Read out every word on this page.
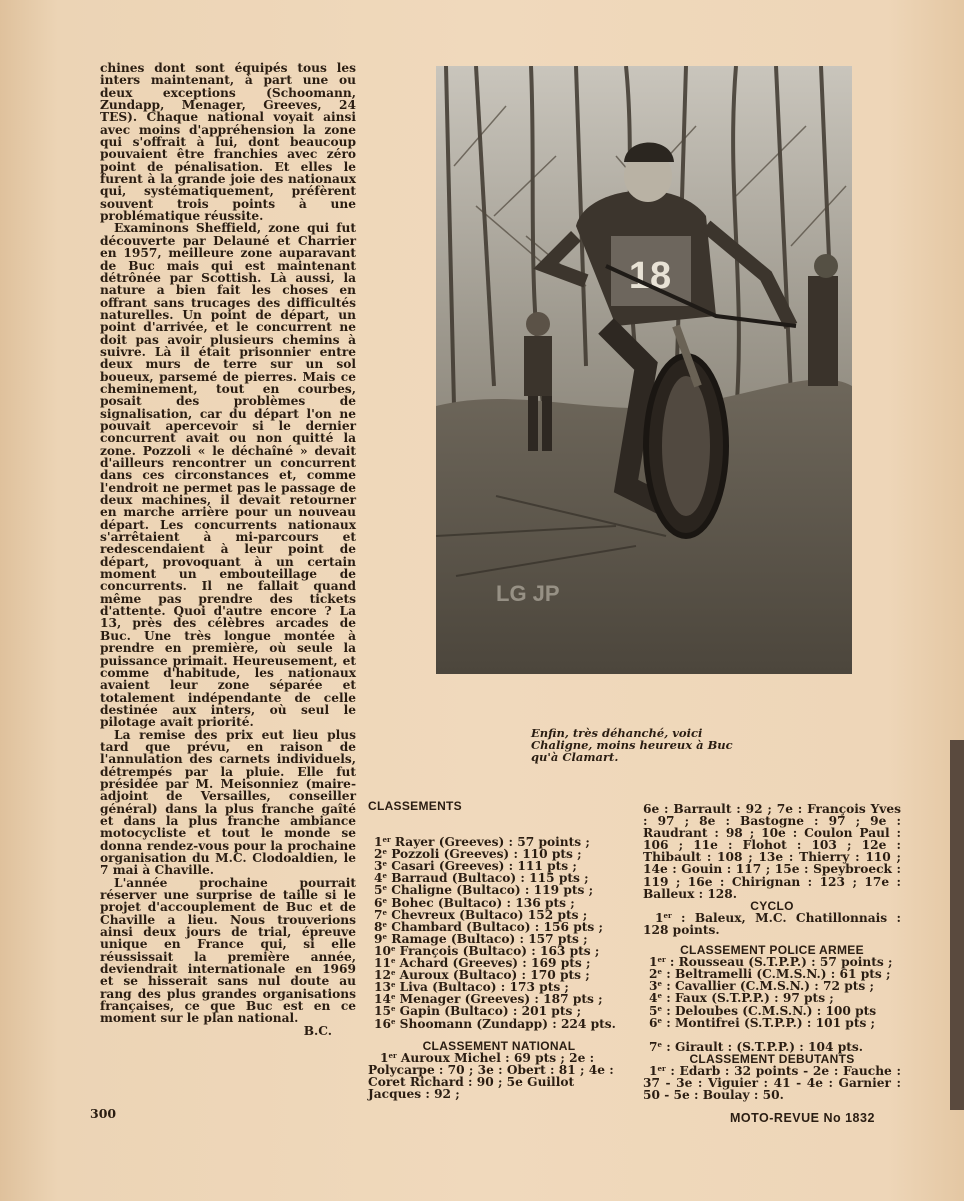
chines dont sont équipés tous les inters maintenant, à part une ou deux exceptions (Schoomann, Zundapp, Menager, Greeves, 24 TES). Chaque national voyait ainsi avec moins d'appréhension la zone qui s'offrait à lui, dont beaucoup pouvaient être franchies avec zéro point de pénalisation. Et elles le furent à la grande joie des nationaux qui, systématiquement, préfèrent souvent trois points à une problématique réussite.

Examinons Sheffield, zone qui fut découverte par Delauné et Charrier en 1957, meilleure zone auparavant de Buc mais qui est maintenant détrônée par Scottish. Là aussi, la nature a bien fait les choses en offrant sans trucages des difficultés naturelles. Un point de départ, un point d'arrivée, et le concurrent ne doit pas avoir plusieurs chemins à suivre. Là il était prisonnier entre deux murs de terre sur un sol boueux, parsemé de pierres. Mais ce cheminement, tout en courbes, posait des problèmes de signalisation, car du départ l'on ne pouvait apercevoir si le dernier concurrent avait ou non quitté la zone. Pozzoli « le déchaîné » devait d'ailleurs rencontrer un concurrent dans ces circonstances et, comme l'endroit ne permet pas le passage de deux machines, il devait retourner en marche arrière pour un nouveau départ. Les concurrents nationaux s'arrêtaient à mi-parcours et redescendaient à leur point de départ, provoquant à un certain moment un embouteillage de concurrents. Il ne fallait quand même pas prendre des tickets d'attente. Quoi d'autre encore ? La 13, près des célèbres arcades de Buc. Une très longue montée à prendre en première, où seule la puissance primait. Heureusement, et comme d'habitude, les nationaux avaient leur zone séparée et totalement indépendante de celle destinée aux inters, où seul le pilotage avait priorité.

La remise des prix eut lieu plus tard que prévu, en raison de l'annulation des carnets individuels, détrempés par la pluie. Elle fut présidée par M. Meisonniez (maire-adjoint de Versailles, conseiller général) dans la plus franche gaîté et dans la plus franche ambiance motocycliste et tout le monde se donna rendez-vous pour la prochaine organisation du M.C. Clodoaldien, le 7 mai à Chaville.

L'année prochaine pourrait réserver une surprise de taille si le projet d'accouplement de Buc et de Chaville a lieu. Nous trouverions ainsi deux jours de trial, épreuve unique en France qui, si elle réussissait la première année, deviendrait internationale en 1969 et se hisserait sans nul doute au rang des plus grandes organisations françaises, ce que Buc est en ce moment sur le plan national.

B.C.

18
LG JP
Enfin, très déhanché, voici Chaligne, moins heureux à Buc qu'à Clamart.
CLASSEMENTS
1er Rayer (Greeves) : 57 points ;
2e Pozzoli (Greeves) : 110 pts ;
3e Casari (Greeves) : 111 pts ;
4e Barraud (Bultaco) : 115 pts ;
5e Chaligne (Bultaco) : 119 pts ;
6e Bohec (Bultaco) : 136 pts ;
7e Chevreux (Bultaco) 152 pts ;
8e Chambard (Bultaco) : 156 pts ;
9e Ramage (Bultaco) : 157 pts ;
10e François (Bultaco) : 163 pts ;
11e Achard (Greeves) : 169 pts ;
12e Auroux (Bultaco) : 170 pts ;
13e Liva (Bultaco) : 173 pts ;
14e Menager (Greeves) : 187 pts ;
15e Gapin (Bultaco) : 201 pts ;
16e Shoomann (Zundapp) : 224 pts.
CLASSEMENT NATIONAL
1er Auroux Michel : 69 pts ; 2e : Polycarpe : 70 ; 3e : Obert : 81 ; 4e : Coret Richard : 90 ; 5e Guillot Jacques : 92 ;
6e : Barrault : 92 ; 7e : François Yves : 97 ; 8e : Bastogne : 97 ; 9e : Raudrant : 98 ; 10e : Coulon Paul : 106 ; 11e : Flohot : 103 ; 12e : Thibault : 108 ; 13e : Thierry : 110 ; 14e : Gouin : 117 ; 15e : Speybroeck : 119 ; 16e : Chirignan : 123 ; 17e : Balleux : 128.
CYCLO
1er : Baleux, M.C. Chatillonnais : 128 points.
CLASSEMENT POLICE ARMEE
1er : Rousseau (S.T.P.P.) : 57 points ;
2e : Beltramelli (C.M.S.N.) : 61 pts ;
3e : Cavallier (C.M.S.N.) : 72 pts ;
4e : Faux (S.T.P.P.) : 97 pts ;
5e : Deloubes (C.M.S.N.) : 100 pts
6e : Montifrei (S.T.P.P.) : 101 pts ;
7e : Girault : (S.T.P.P.) : 104 pts.
CLASSEMENT DEBUTANTS
1er : Edarb : 32 points - 2e : Fauche : 37 - 3e : Viguier : 41 - 4e : Garnier : 50 - 5e : Boulay : 50.
300	MOTO-REVUE No 1832
